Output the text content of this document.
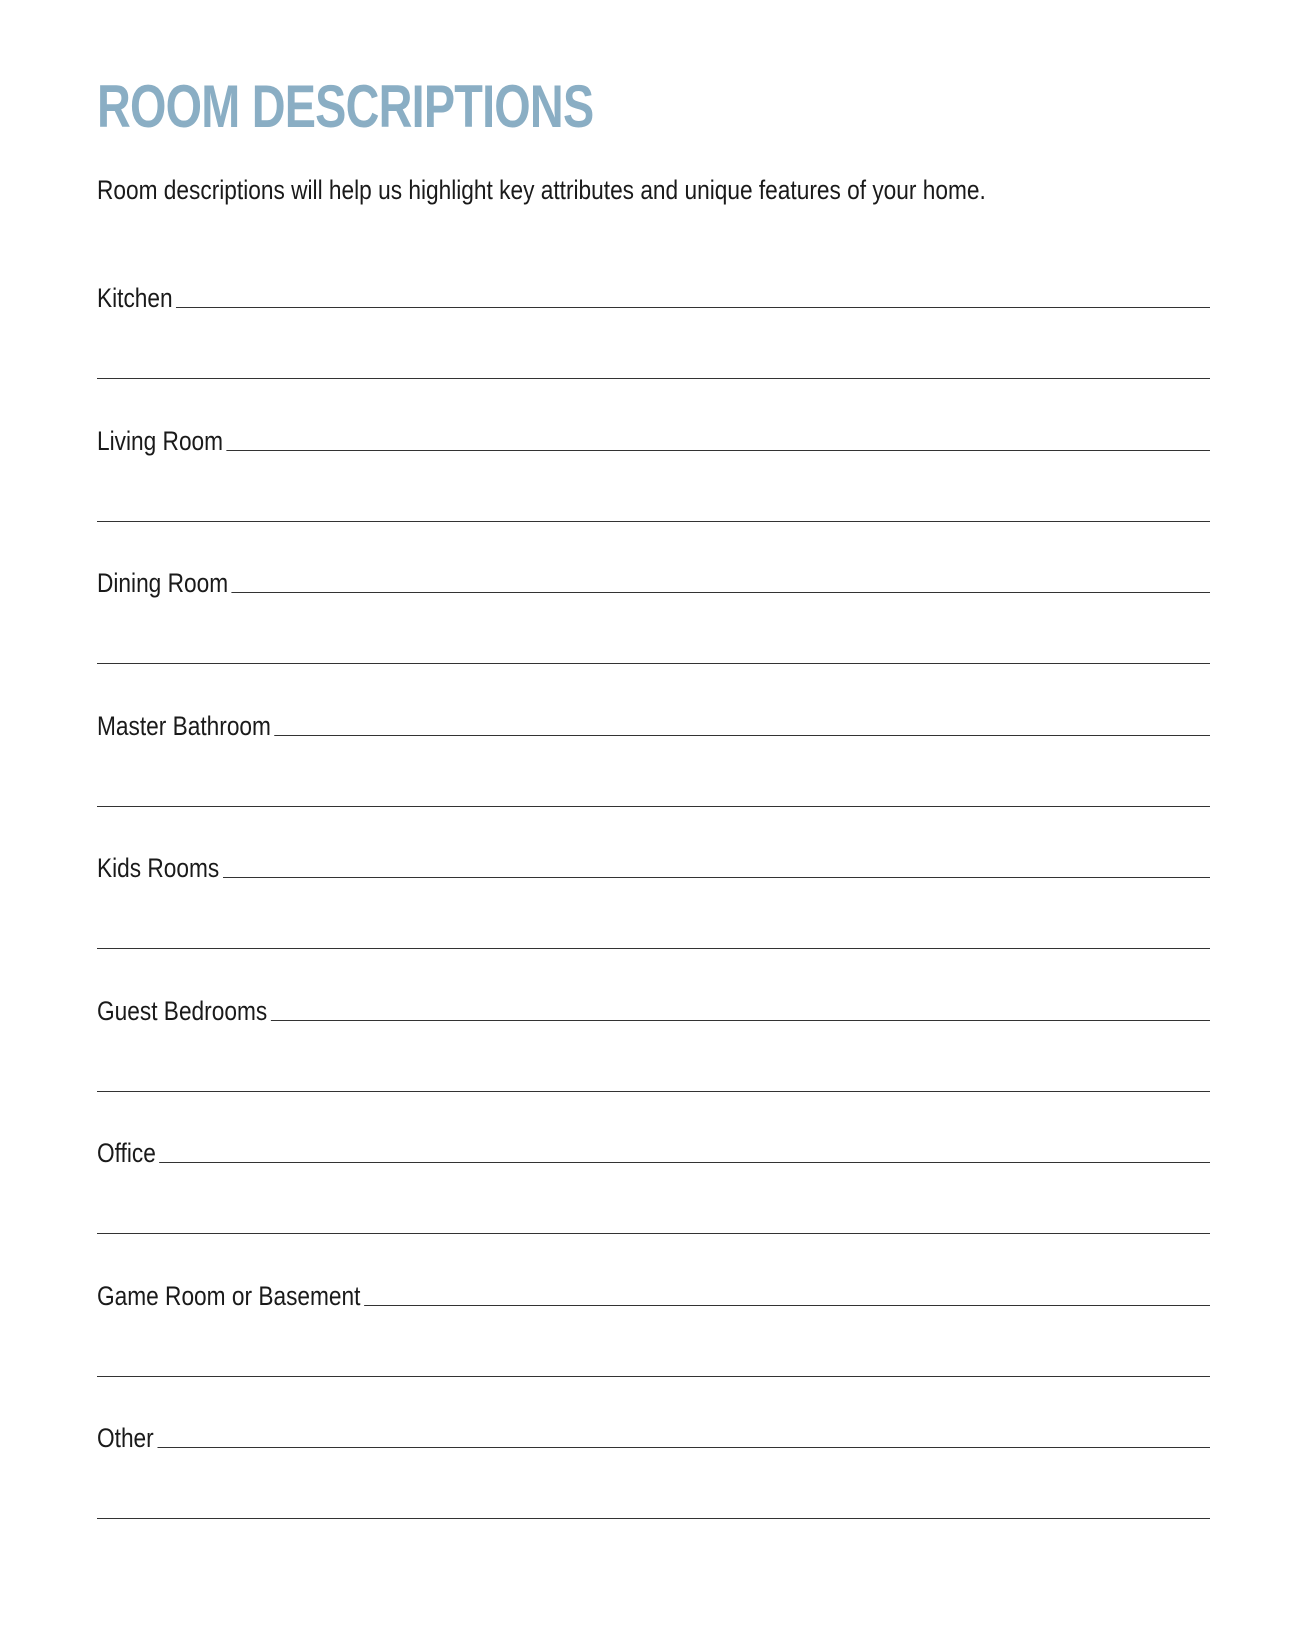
ROOM DESCRIPTIONS

Room descriptions will help us highlight key attributes and unique features of your home.

Kitchen
Living Room
Dining Room
Master Bathroom
Kids Rooms
Guest Bedrooms
Office
Game Room or Basement
Other
